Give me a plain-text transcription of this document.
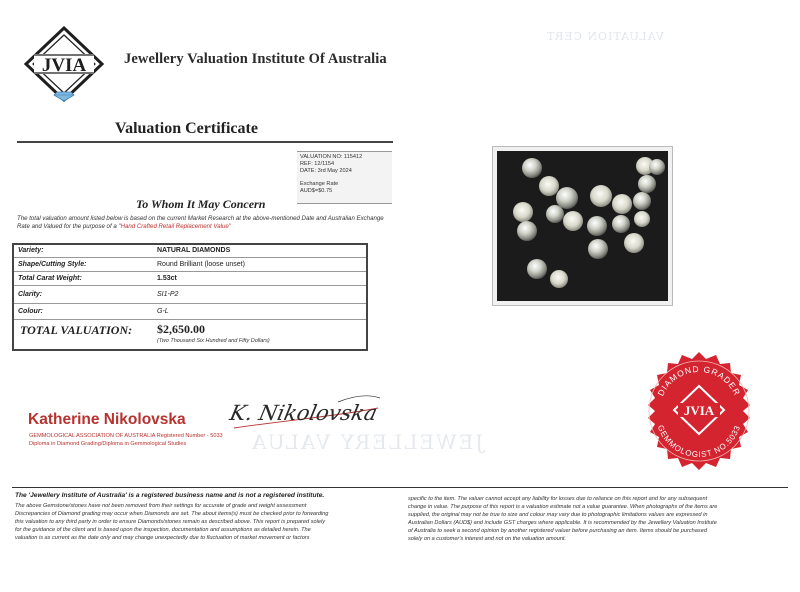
JEWELLERY VALUA
VALUATION CERT
JVIA	Jewellery Valuation Institute Of Australia
Valuation Certificate
VALUATION NO: 115412
REF: 12/1154
DATE: 3rd May 2024
Exchange Rate
AUD$=$0.75
To Whom It May Concern
The total valuation amount listed below is based on the current Market Research at the above-mentioned Date and Australian Exchange Rate and Valued for the purpose of a "Hand Crafted Retail Replacement Value"
Variety:	NATURAL DIAMONDS
Shape/Cutting Style:	Round Brilliant (loose unset)
Total Carat Weight:	1.53ct
Clarity:	SI1-P2
Colour:	G-L
TOTAL VALUATION: $2,650.00
(Two Thousand Six Hundred and Fifty Dollars)
Katherine Nikolovska K. Nikolovska
GEMMOLOGICAL ASSOCIATION OF AUSTRALIA Registered Number - 5033
Diploma in Diamond Grading/Diploma in Gemmological Studies
DIAMOND GRADER
GEMMOLOGIST NO.5033
JVIA
The 'Jewellery Institute of Australia' is a registered business name and is not a registered institute.
The above Gemstone/stones have not been removed from their settings for accurate of grade and weight assessment
Discrepancies of Diamond grading may occur when Diamonds are set. The about items(s) must be checked prior to forwarding
this valuation to any third party in order to ensure Diamonds/stones remain as described above. This report is prepared solely
for the guidance of the client and is based upon the inspection, documentation and assumptions as detailed herein. The
valuation is as current as the date only and may change unexpectedly due to fluctuation of market movement or factors
specific to the item. The valuer cannot accept any liability for losses due to reliance on this report and for any subsequent
change in value. The purpose of this report is a valuation estimate not a value guarantee. When photographs of the items are
supplied, the original may not be true to size and colour may vary due to photographic limitations values are expressed in
Australian Dollars (AUD$) and include GST charges where applicable. It is recommended by the Jewellery Valuation Institute
of Australia to seek a second opinion by another registered valuer before purchasing an item. Items should be purchased
solely on a customer's interest and not on the valuation amount.
